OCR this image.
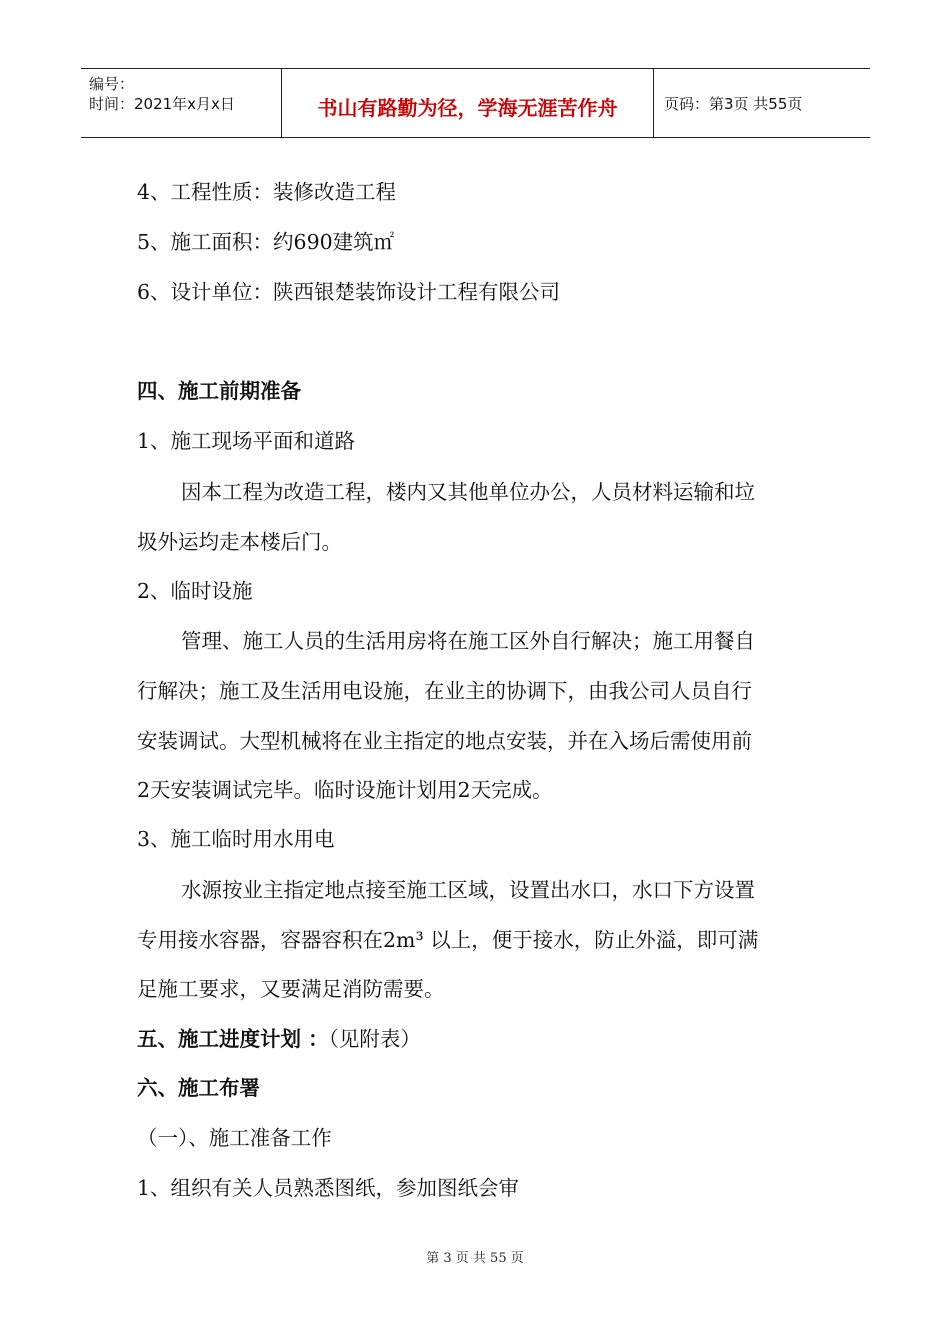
编号：
时间：2021年x月x日	书山有路勤为径，学海无涯苦作舟	页码：第3页 共55页
4、工程性质：装修改造工程
5、施工面积：约690建筑㎡
6、设计单位：陕西银楚装饰设计工程有限公司
四、施工前期准备
1、施工现场平面和道路
因本工程为改造工程，楼内又其他单位办公，人员材料运输和垃
圾外运均走本楼后门。
2、临时设施
管理、施工人员的生活用房将在施工区外自行解决；施工用餐自
行解决；施工及生活用电设施，在业主的协调下，由我公司人员自行
安装调试。大型机械将在业主指定的地点安装，并在入场后需使用前
2天安装调试完毕。临时设施计划用2天完成。
3、施工临时用水用电
水源按业主指定地点接至施工区域，设置出水口，水口下方设置
专用接水容器，容器容积在2m³ 以上，便于接水，防止外溢，即可满
足施工要求，又要满足消防需要。
五、施工进度计划 ：（见附表）
六、施工布署
（一）、施工准备工作
1、组织有关人员熟悉图纸，参加图纸会审
第 3 页 共 55 页
